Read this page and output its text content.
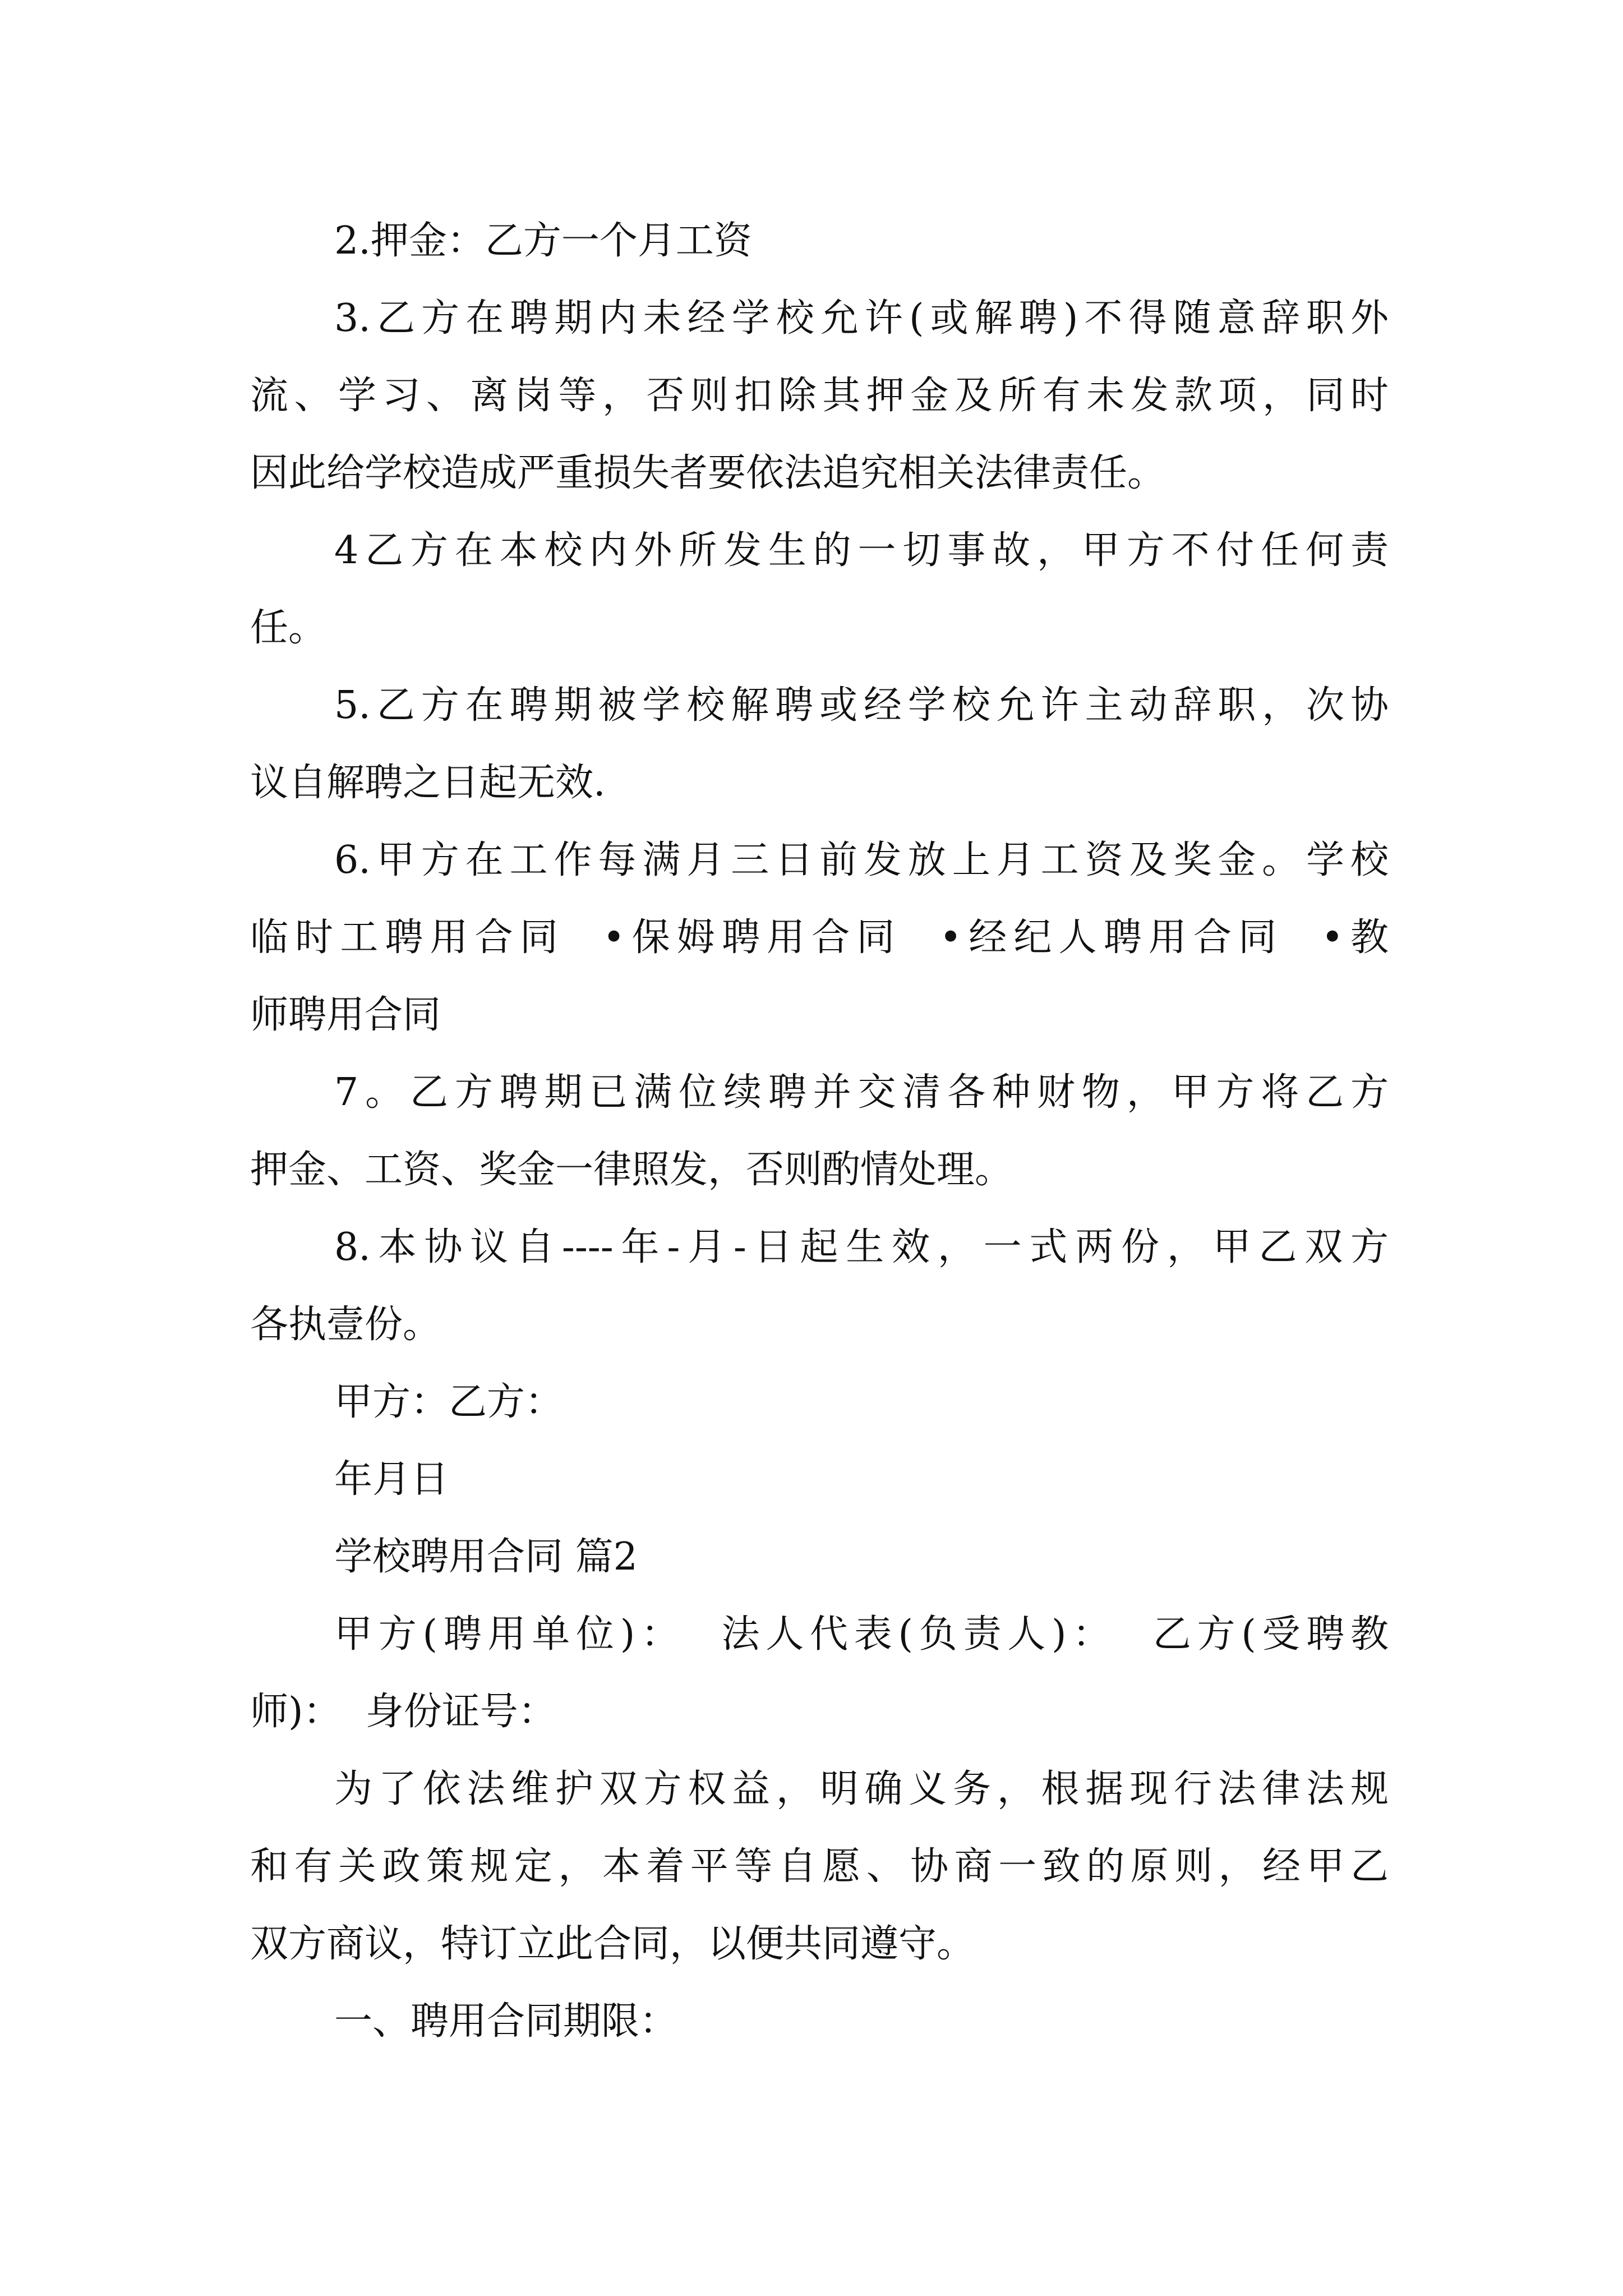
2.押金：乙方一个月工资
3.乙方在聘期内未经学校允许(或解聘)不得随意辞职外
流、学习、离岗等，否则扣除其押金及所有未发款项，同时
因此给学校造成严重损失者要依法追究相关法律责任。
4乙方在本校内外所发生的一切事故，甲方不付任何责
任。
5.乙方在聘期被学校解聘或经学校允许主动辞职，次协
议自解聘之日起无效.
6.甲方在工作每满月三日前发放上月工资及奖金。学校
临时工聘用合同  •保姆聘用合同  •经纪人聘用合同  •教
师聘用合同
7。乙方聘期已满位续聘并交清各种财物，甲方将乙方
押金、工资、奖金一律照发，否则酌情处理。
8.本协议自----年-月-日起生效，一式两份，甲乙双方
各执壹份。
甲方：乙方：
年月日
学校聘用合同 篇2
甲方(聘用单位)：  法人代表(负责人)：  乙方(受聘教
师)：  身份证号：
为了依法维护双方权益，明确义务，根据现行法律法规
和有关政策规定，本着平等自愿、协商一致的原则，经甲乙
双方商议，特订立此合同，以便共同遵守。
一、聘用合同期限：
